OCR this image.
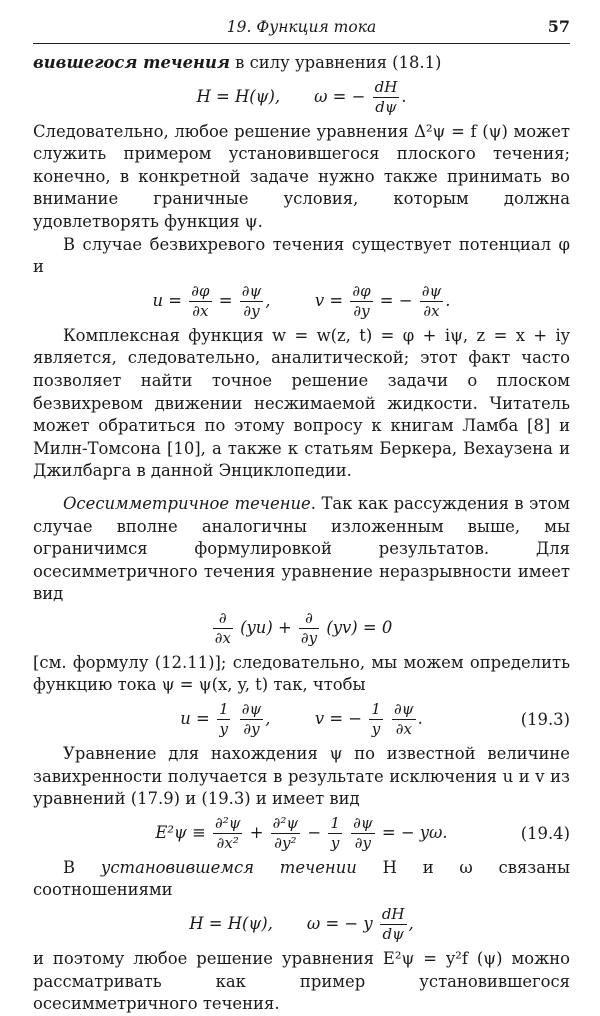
19. Функция тока	57

вившегося течения в силу уравнения (18.1)

H = H(ψ), ω = − $\frac{dH}{d\psi}$ .

Следовательно, любое решение уравнения Δ²ψ = f (ψ) может служить примером установившегося плоского течения; конечно, в конкретной задаче нужно также принимать во внимание граничные условия, которым должна удовлетворять функция ψ.

В случае безвихревого течения существует потенциал φ и

$u = \frac{\partial\varphi}{\partial x} = \frac{\partial\psi}{\partial y}$ ,	$v = \frac{\partial\varphi}{\partial y}$ = − $\frac{\partial\psi}{\partial x}$ .

Комплексная функция w = w(z, t) = φ + iψ, z = x + iy является, следовательно, аналитической; этот факт часто позволяет найти точное решение задачи о плоском безвихревом движении несжимаемой жидкости. Читатель может обратиться по этому вопросу к книгам Ламба [8] и Милн-Томсона [10], а также к статьям Беркера, Вехаузена и Джилбарга в данной Энциклопедии.

Осесимметричное течение. Так как рассуждения в этом случае вполне аналогичны изложенным выше, мы ограничимся формулировкой результатов. Для осесимметричного течения уравнение неразрывности имеет вид

$\frac{\partial}{\partial x} (yu) + \frac{\partial}{\partial y} (yv) = 0$

[см. формулу (12.11)]; следовательно, мы можем определить функцию тока ψ = ψ(x, y, t) так, чтобы

$u = \frac{1}{y}$
$\frac{\partial\psi}{\partial y}$ ,	v = − $\frac{1}{y}$
$\frac{\partial\psi}{\partial x}$ .	(19.3)

Уравнение для нахождения ψ по известной величине завихренности получается в результате исключения u и v из уравнений (17.9) и (19.3) и имеет вид

$E^2\psi \equiv \frac{\text{∂²ψ}}{\text{∂x²}} + \frac{\text{∂²ψ}}{\text{∂y²}} - \frac{1}{y}$
$\frac{\partial\psi}{\partial y}$ = − yω.	(19.4)

В установившемся течении H и ω связаны соотношениями

H = H(ψ), ω = − y $\frac{dH}{d\psi}$ ,

и поэтому любое решение уравнения E²ψ = y²f (ψ) можно рассматривать как пример установившегося осесимметричного течения.
